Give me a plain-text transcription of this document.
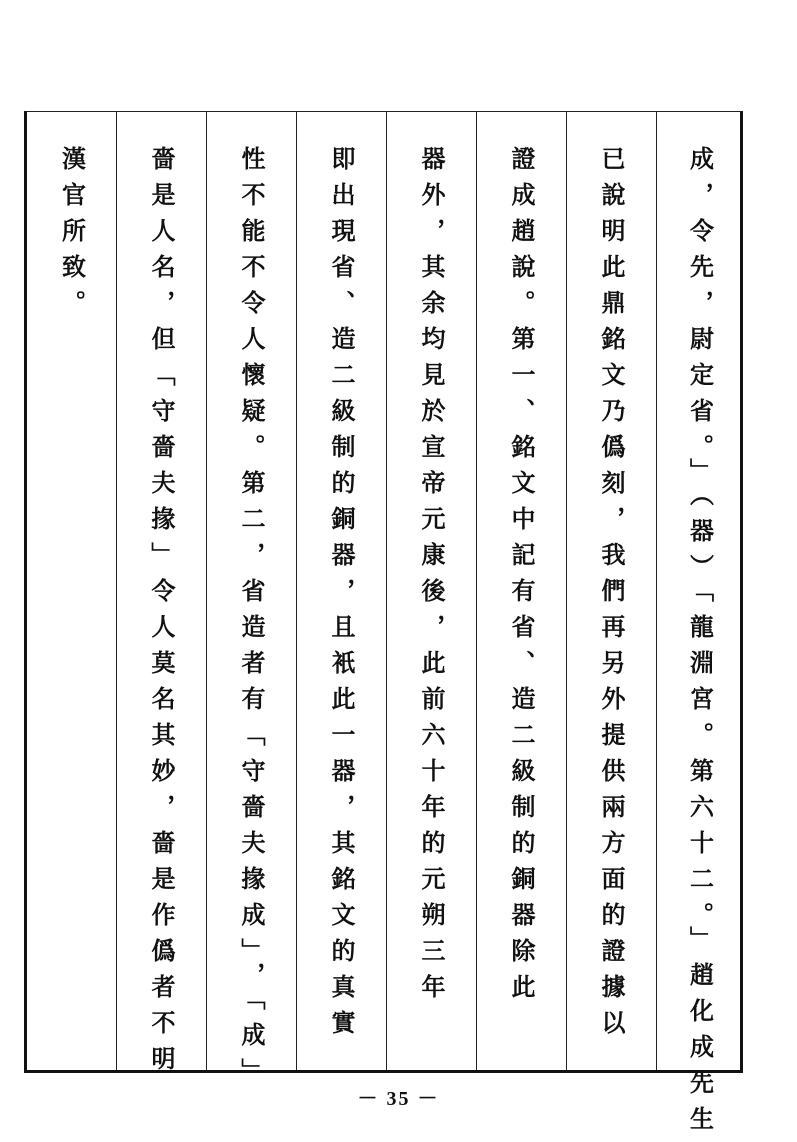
成，令先，尉定省。」（器）「龍淵宮。第六十二。」趙化成先生
已說明此鼎銘文乃僞刻，我們再另外提供兩方面的證據以
證成趙說。第一、銘文中記有省、造二級制的銅器除此
器外，其余均見於宣帝元康後，此前六十年的元朔三年
即出現省、造二級制的銅器，且衹此一器，其銘文的真實
性不能不令人懷疑。第二，省造者有「守嗇夫掾成」，「成」
嗇是人名，但「守嗇夫掾」令人莫名其妙，嗇是作僞者不明
漢官所致。
－ 35 －
